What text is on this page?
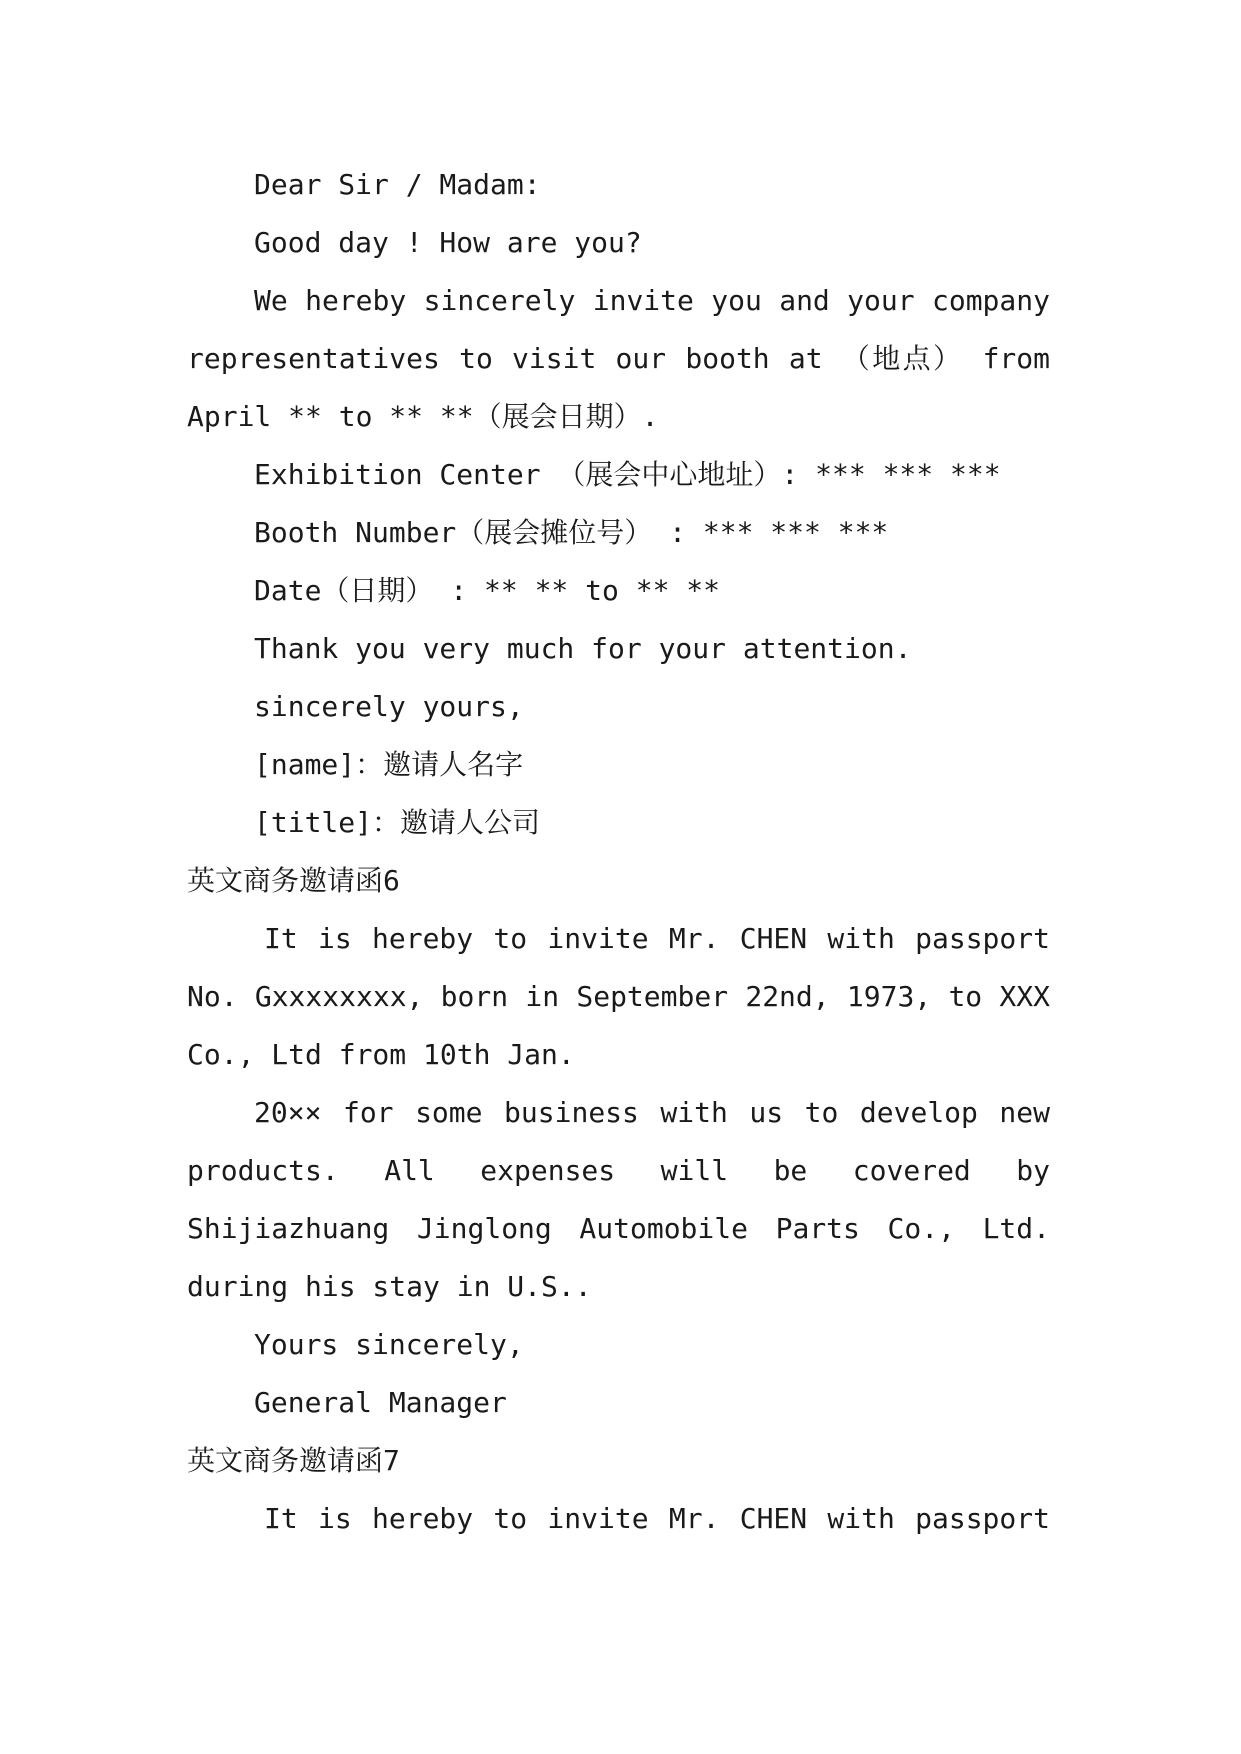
Dear Sir / Madam:
Good day ! How are you?
We hereby sincerely invite you and your company
representatives to visit our booth at （地点） from
April ** to ** **（展会日期）.
Exhibition Center （展会中心地址）: *** *** ***
Booth Number（展会摊位号） : *** *** ***
Date（日期） : ** ** to ** **
Thank you very much for your attention.
sincerely yours,
[name]：邀请人名字
[title]：邀请人公司
英文商务邀请函6
It is hereby to invite Mr. CHEN with passport
No. Gxxxxxxxx, born in September 22nd, 1973, to XXX
Co., Ltd from 10th Jan.
20×× for some business with us to develop new
products. All expenses will be covered by
Shijiazhuang Jinglong Automobile Parts Co., Ltd.
during his stay in U.S..
Yours sincerely,
General Manager
英文商务邀请函7
It is hereby to invite Mr. CHEN with passport
